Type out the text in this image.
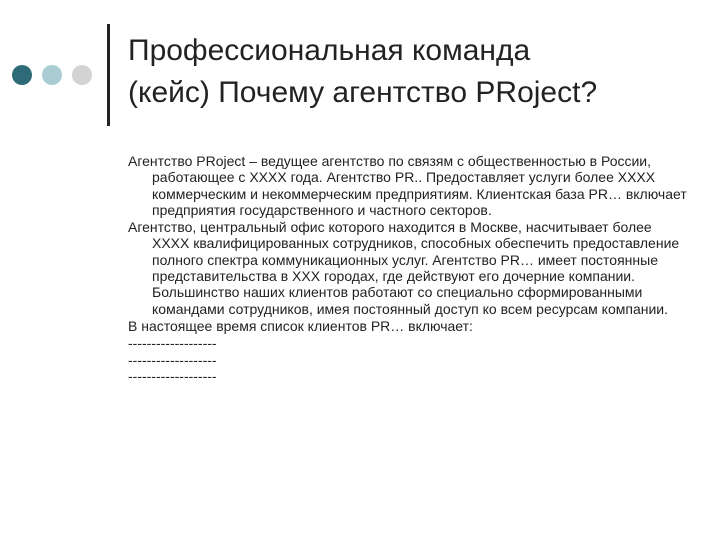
Профессиональная команда
(кейс) Почему агентство PRoject?

Агентство PRoject – ведущее агентство по связям с общественностью в России, работающее с XXXX года. Агентство PR.. Предоставляет услуги более XXXX коммерческим и некоммерческим предприятиям. Клиентская база PR… включает предприятия государственного и частного секторов.

Агентство, центральный офис которого находится в Москве, насчитывает более XXXX квалифицированных сотрудников, способных обеспечить предоставление полного спектра коммуникационных услуг. Агентство PR… имеет постоянные представительства в XXX городах, где действуют его дочерние компании. Большинство наших клиентов работают со специально сформированными командами сотрудников, имея постоянный доступ ко всем ресурсам компании.

В настоящее время список клиентов PR… включает:

-------------------

-------------------

-------------------
